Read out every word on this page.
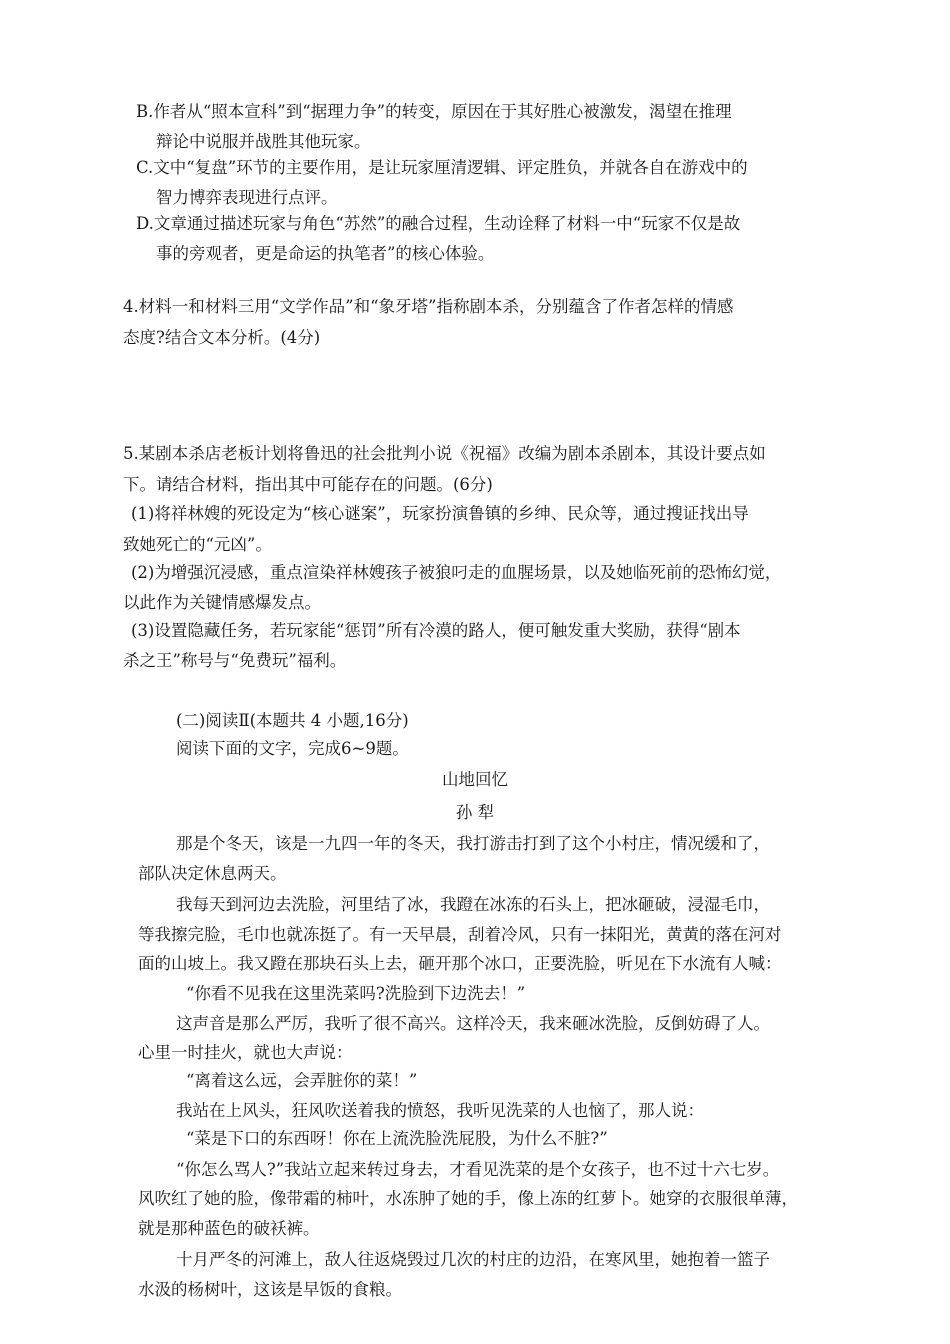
B.作者从“照本宣科”到“据理力争”的转变，原因在于其好胜心被激发，渴望在推理
辩论中说服并战胜其他玩家。
C.文中“复盘”环节的主要作用，是让玩家厘清逻辑、评定胜负，并就各自在游戏中的
智力博弈表现进行点评。
D.文章通过描述玩家与角色“苏然”的融合过程，生动诠释了材料一中“玩家不仅是故
事的旁观者，更是命运的执笔者”的核心体验。
4.材料一和材料三用“文学作品”和“象牙塔”指称剧本杀，分别蕴含了作者怎样的情感
态度?结合文本分析。(4分)
5.某剧本杀店老板计划将鲁迅的社会批判小说《祝福》改编为剧本杀剧本，其设计要点如
下。请结合材料，指出其中可能存在的问题。(6分)
(1)将祥林嫂的死设定为“核心谜案”，玩家扮演鲁镇的乡绅、民众等，通过搜证找出导
致她死亡的“元凶”。
(2)为增强沉浸感，重点渲染祥林嫂孩子被狼叼走的血腥场景，以及她临死前的恐怖幻觉，
以此作为关键情感爆发点。
(3)设置隐藏任务，若玩家能“惩罚”所有冷漠的路人，便可触发重大奖励，获得“剧本
杀之王”称号与“免费玩”福利。
(二)阅读Ⅱ(本题共 4 小题,16分)
阅读下面的文字，完成6~9题。
山地回忆
孙 犁
那是个冬天，该是一九四一年的冬天，我打游击打到了这个小村庄，情况缓和了，
部队决定休息两天。
我每天到河边去洗脸，河里结了冰，我蹬在冰冻的石头上，把冰砸破，浸湿毛巾，
等我擦完脸，毛巾也就冻挺了。有一天早晨，刮着冷风，只有一抹阳光，黄黄的落在河对
面的山坡上。我又蹬在那块石头上去，砸开那个冰口，正要洗脸，听见在下水流有人喊：
“你看不见我在这里洗菜吗?洗脸到下边洗去！”
这声音是那么严厉，我听了很不高兴。这样冷天，我来砸冰洗脸，反倒妨碍了人。
心里一时挂火，就也大声说：
“离着这么远，会弄脏你的菜！”
我站在上风头，狂风吹送着我的愤怒，我听见洗菜的人也恼了，那人说：
“菜是下口的东西呀！你在上流洗脸洗屁股，为什么不脏?”
“你怎么骂人?”我站立起来转过身去，才看见洗菜的是个女孩子，也不过十六七岁。
风吹红了她的脸，像带霜的柿叶，水冻肿了她的手，像上冻的红萝卜。她穿的衣服很单薄，
就是那种蓝色的破袄裤。
十月严冬的河滩上，敌人往返烧毁过几次的村庄的边沿，在寒风里，她抱着一篮子
水汲的杨树叶，这该是早饭的食粮。
